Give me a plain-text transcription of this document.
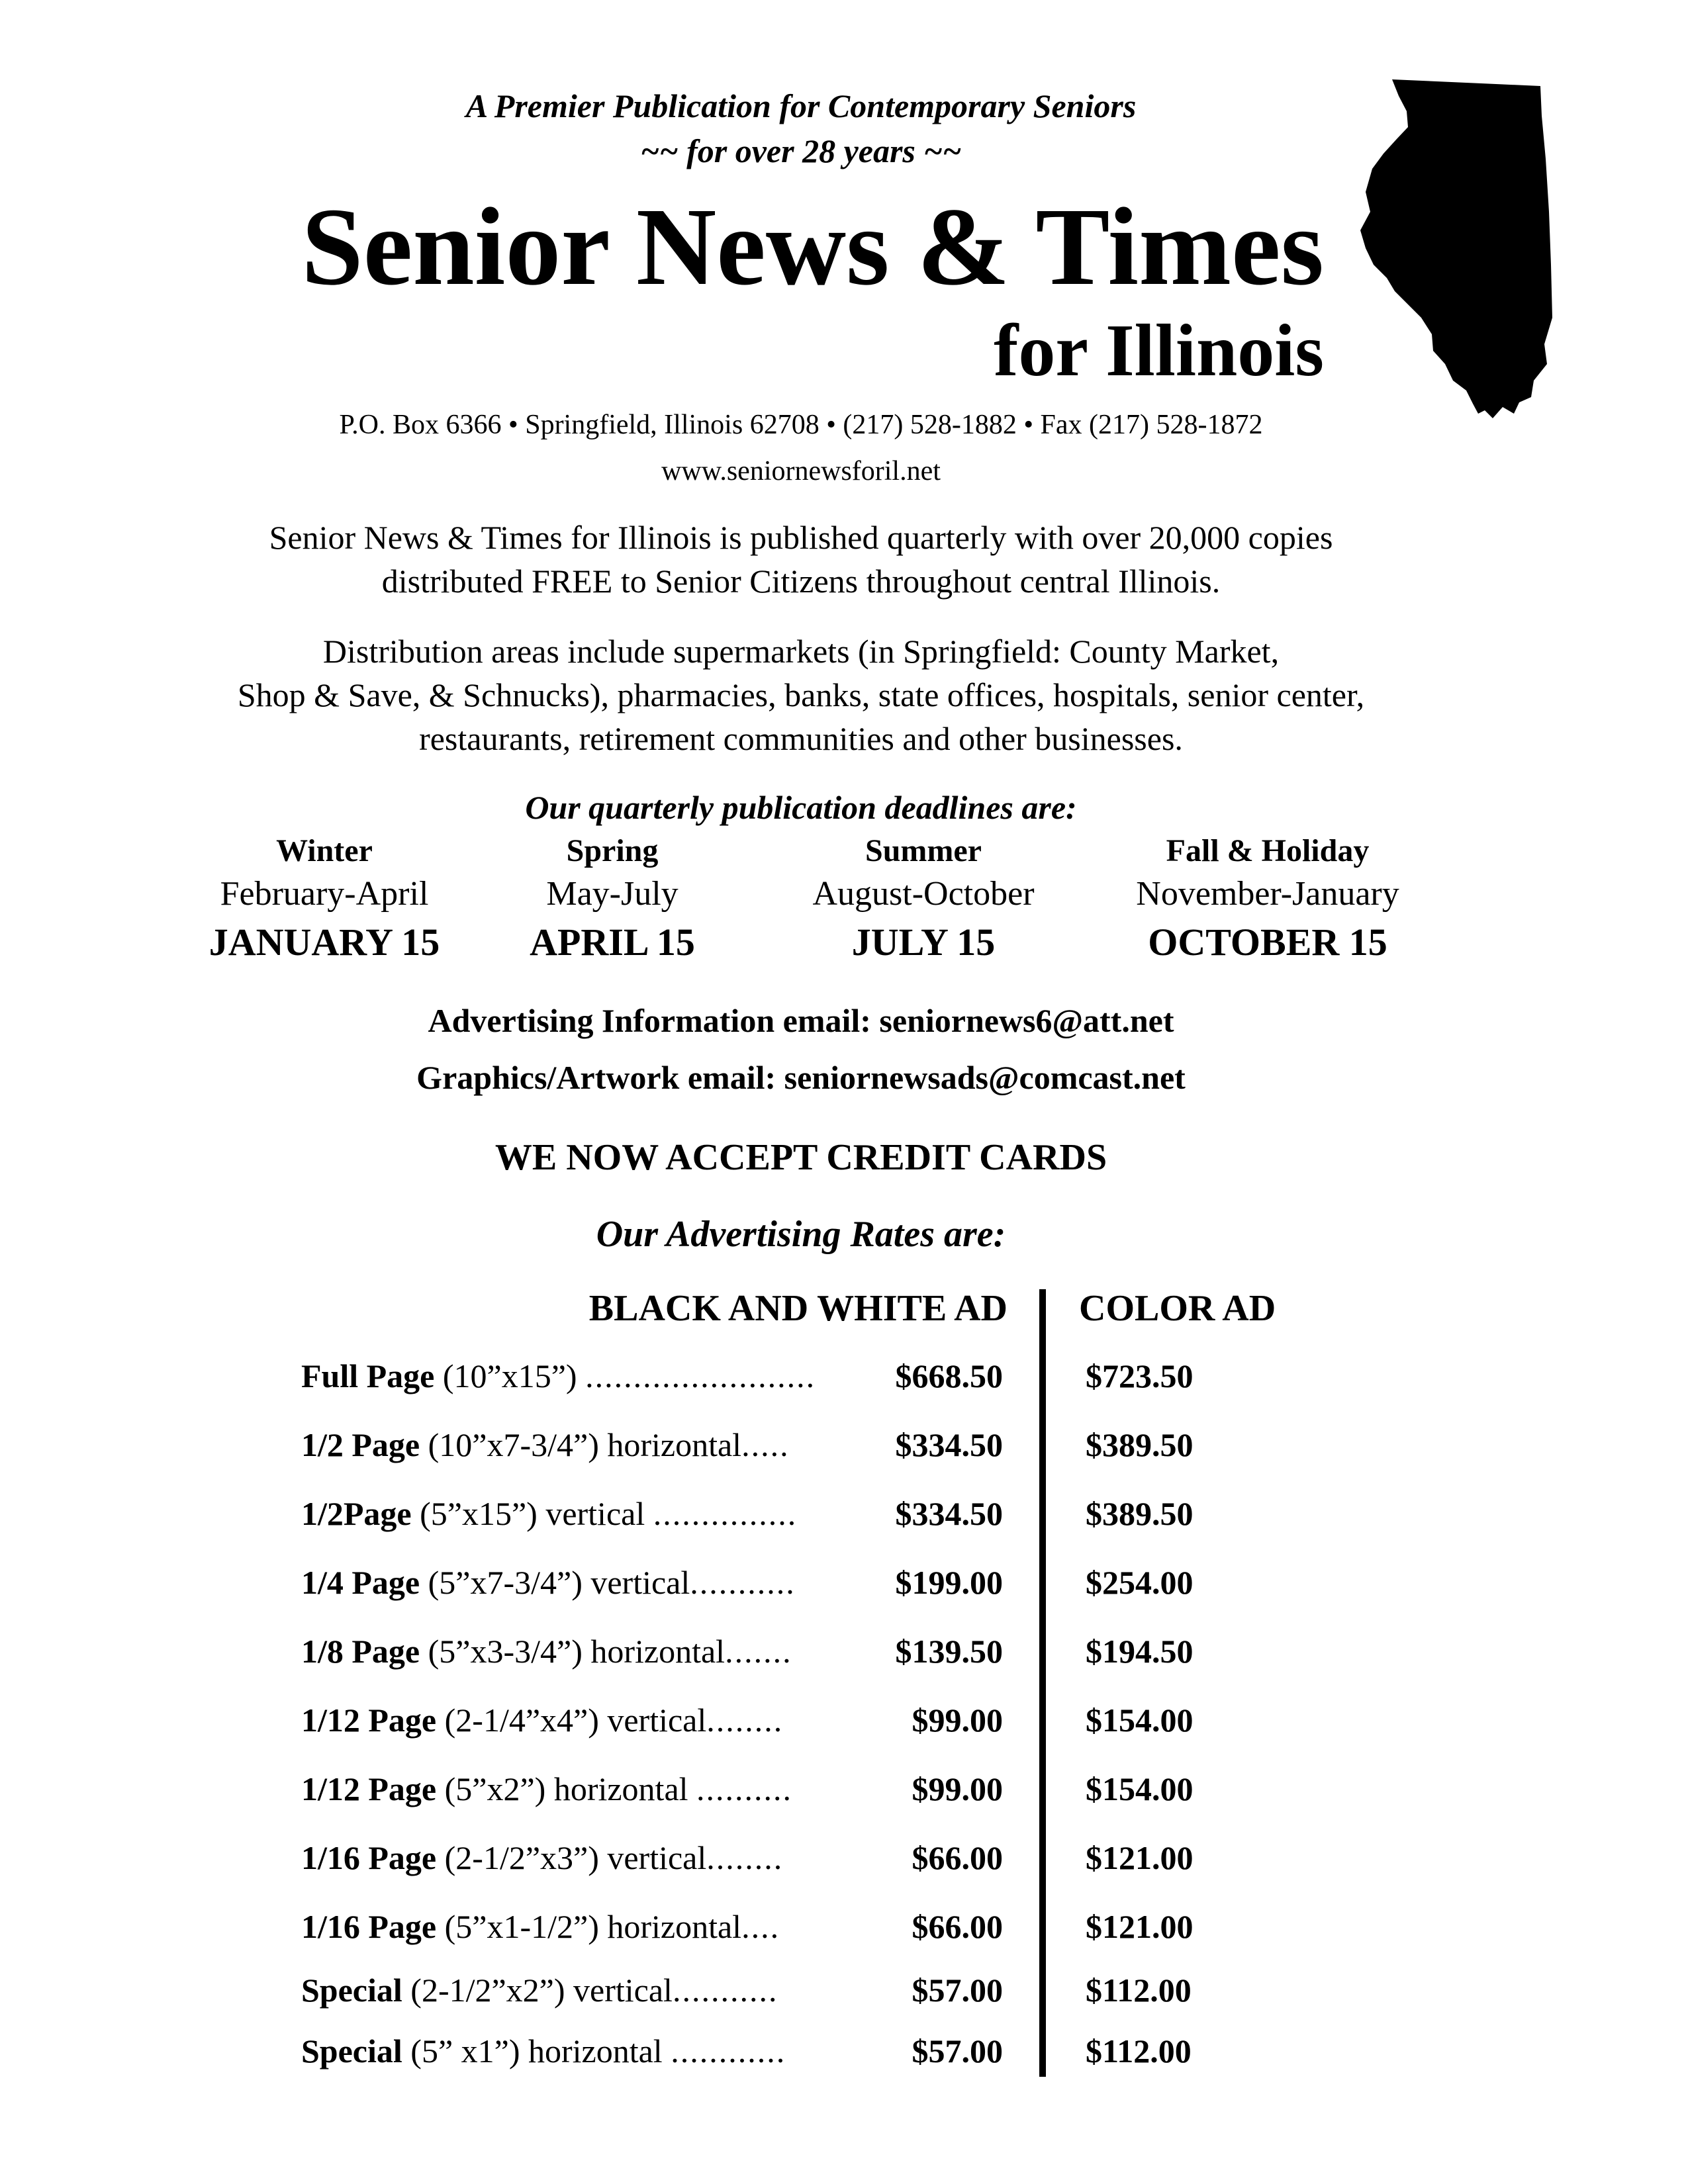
A Premier Publication for Contemporary Seniors
~~ for over 28 years ~~
Senior News & Times
for Illinois
P.O. Box 6366 • Springfield, Illinois 62708 • (217) 528-1882 • Fax (217) 528-1872
www.seniornewsforil.net
Senior News & Times for Illinois is published quarterly with over 20,000 copies
distributed FREE to Senior Citizens throughout central Illinois.
Distribution areas include supermarkets (in Springfield: County Market,
Shop & Save, & Schnucks), pharmacies, banks, state offices, hospitals, senior center,
restaurants, retirement communities and other businesses.
Our quarterly publication deadlines are:
Winter
February-April
JANUARY 15
Spring
May-July
APRIL 15
Summer
August-October
JULY 15
Fall & Holiday
November-January
OCTOBER 15
Advertising Information email: seniornews6@att.net
Graphics/Artwork email: seniornewsads@comcast.net
WE NOW ACCEPT CREDIT CARDS
Our Advertising Rates are:
BLACK AND WHITE AD COLOR AD
Full Page (10”x15”) ........................	$668.50	$723.50
1/2 Page (10”x7-3/4”) horizontal.....	$334.50	$389.50
1/2Page (5”x15”) vertical ...............	$334.50	$389.50
1/4 Page (5”x7-3/4”) vertical...........	$199.00	$254.00
1/8 Page (5”x3-3/4”) horizontal.......	$139.50	$194.50
1/12 Page (2-1/4”x4”) vertical........	$99.00	$154.00
1/12 Page (5”x2”) horizontal ..........	$99.00	$154.00
1/16 Page (2-1/2”x3”) vertical........	$66.00	$121.00
1/16 Page (5”x1-1/2”) horizontal....	$66.00	$121.00
Special (2-1/2”x2”) vertical...........	$57.00	$112.00
Special (5” x1”) horizontal ............	$57.00	$112.00
